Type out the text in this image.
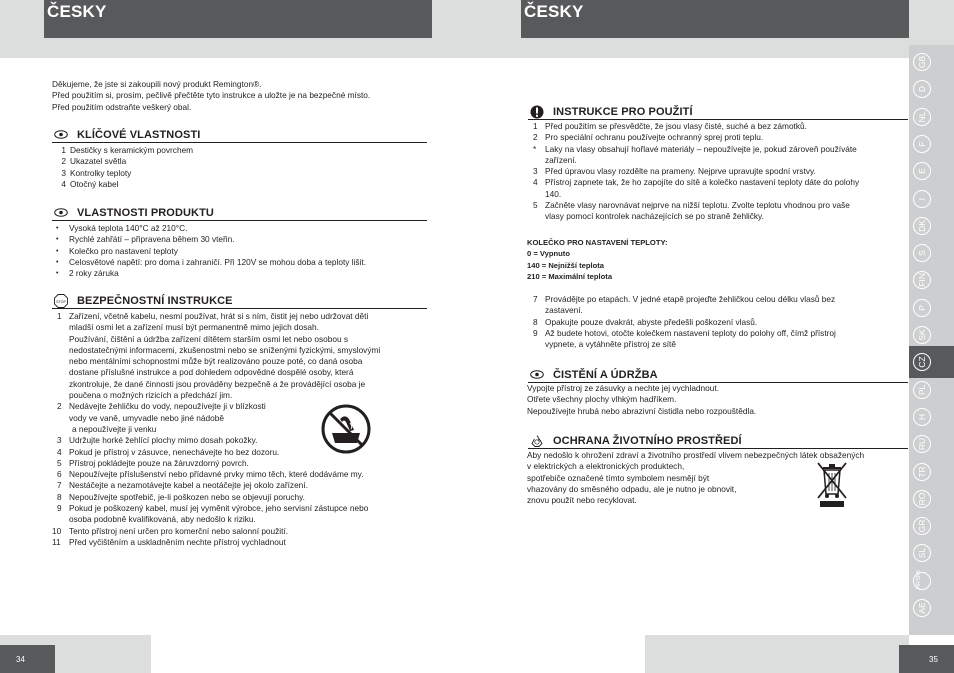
ČESKY
Děkujeme, že jste si zakoupili nový produkt Remington®.
Před použitím si, prosím, pečlivě přečtěte tyto instrukce a uložte je na bezpečné místo.
Před použitím odstraňte veškerý obal.
KLÍČOVÉ VLASTNOSTI
1 Destičky s keramickým povrchem
2 Ukazatel světla
3 Kontrolky teploty
4 Otočný kabel
VLASTNOSTI PRODUKTU
• Vysoká teplota 140°C až 210°C.
• Rychlé zahřátí – připravena během 30 vteřin.
• Kolečko pro nastavení teploty
• Celosvětové napětí: pro doma i zahraničí. Při 120V se mohou doba a teploty lišit.
• 2 roky záruka
STOP BEZPEČNOSTNÍ INSTRUKCE
1 Zařízení, včetně kabelu, nesmí používat, hrát si s ním, čistit jej nebo udržovat děti
mladší osmi let a zařízení musí být permanentně mimo jejich dosah.
Používání, čištění a údržba zařízení dítětem starším osmi let nebo osobou s
nedostatečnými informacemi, zkušenostmi nebo se sníženými fyzickými, smyslovými
nebo mentálními schopnostmi může být realizováno pouze poté, co daná osoba
dostane příslušné instrukce a pod dohledem odpovědné dospělé osoby, která
zkontroluje, že dané činnosti jsou prováděny bezpečně a že provádějící osoba je
poučena o možných rizicích a předchází jim.
2 Nedávejte žehličku do vody, nepoužívejte ji v blízkosti
vody ve vaně, umyvadle nebo jiné nádobě
a nepoužívejte ji venku
3 Udržujte horké žehlící plochy mimo dosah pokožky.
4 Pokud je přístroj v zásuvce, nenechávejte ho bez dozoru.
5 Přístroj pokládejte pouze na žáruvzdorný povrch.
6 Nepoužívejte příslušenství nebo přídavné prvky mimo těch, které dodáváme my.
7 Nestáčejte a nezamotávejte kabel a neotáčejte jej okolo zařízení.
8 Nepoužívejte spotřebič, je-li poškozen nebo se objevují poruchy.
9 Pokud je poškozený kabel, musí jej vyměnit výrobce, jeho servisní zástupce nebo
osoba podobně kvalifikovaná, aby nedošlo k riziku.
10 Tento přístroj není určen pro komerční nebo salonní použití.
11 Před vyčištěním a uskladněním nechte přístroj vychladnout
34
ČESKY
INSTRUKCE PRO POUŽITÍ
1 Před použitím se přesvědčte, že jsou vlasy čisté, suché a bez zámotků.
2 Pro speciální ochranu používejte ochranný sprej proti teplu.
* Laky na vlasy obsahují hořlavé materiály – nepoužívejte je, pokud zároveň používáte
zařízení.
3 Před úpravou vlasy rozdělte na prameny. Nejprve upravujte spodní vrstvy.
4 Přístroj zapnete tak, že ho zapojíte do sítě a kolečko nastavení teploty dáte do polohy
140.
5 Začněte vlasy narovnávat nejprve na nižší teplotu. Zvolte teplotu vhodnou pro vaše
vlasy pomocí kontrolek nacházejících se po straně žehličky.
KOLEČKO PRO NASTAVENÍ TEPLOTY:
0 = Vypnuto
140 = Nejnižší teplota
210 = Maximální teplota
7 Provádějte po etapách. V jedné etapě projeďte žehličkou celou délku vlasů bez
zastavení.
8 Opakujte pouze dvakrát, abyste předešli poškození vlasů.
9 Až budete hotovi, otočte kolečkem nastavení teploty do polohy off, čímž přístroj
vypnete, a vytáhněte přístroj ze sítě
ČISTĚNÍ A ÚDRŽBA
Vypojte přístroj ze zásuvky a nechte jej vychladnout.
Otřete všechny plochy vlhkým hadříkem.
Nepoužívejte hrubá nebo abrazivní čistidla nebo rozpouštědla.
OCHRANA ŽIVOTNÍHO PROSTŘEDÍ
Aby nedošlo k ohrožení zdraví a životního prostředí vlivem nebezpečných látek obsažených
v elektrických a elektronických produktech,
spotřebiče označené tímto symbolem nesmějí být
vhazovány do směsného odpadu, ale je nutno je obnovit,
znovu použít nebo recyklovat.
GB
D
NL
F
E
I
DK
S
FIN
P
SK
CZ
PL
H
RU
TR
RO
GR
SL
HR/SRB
AE
35
